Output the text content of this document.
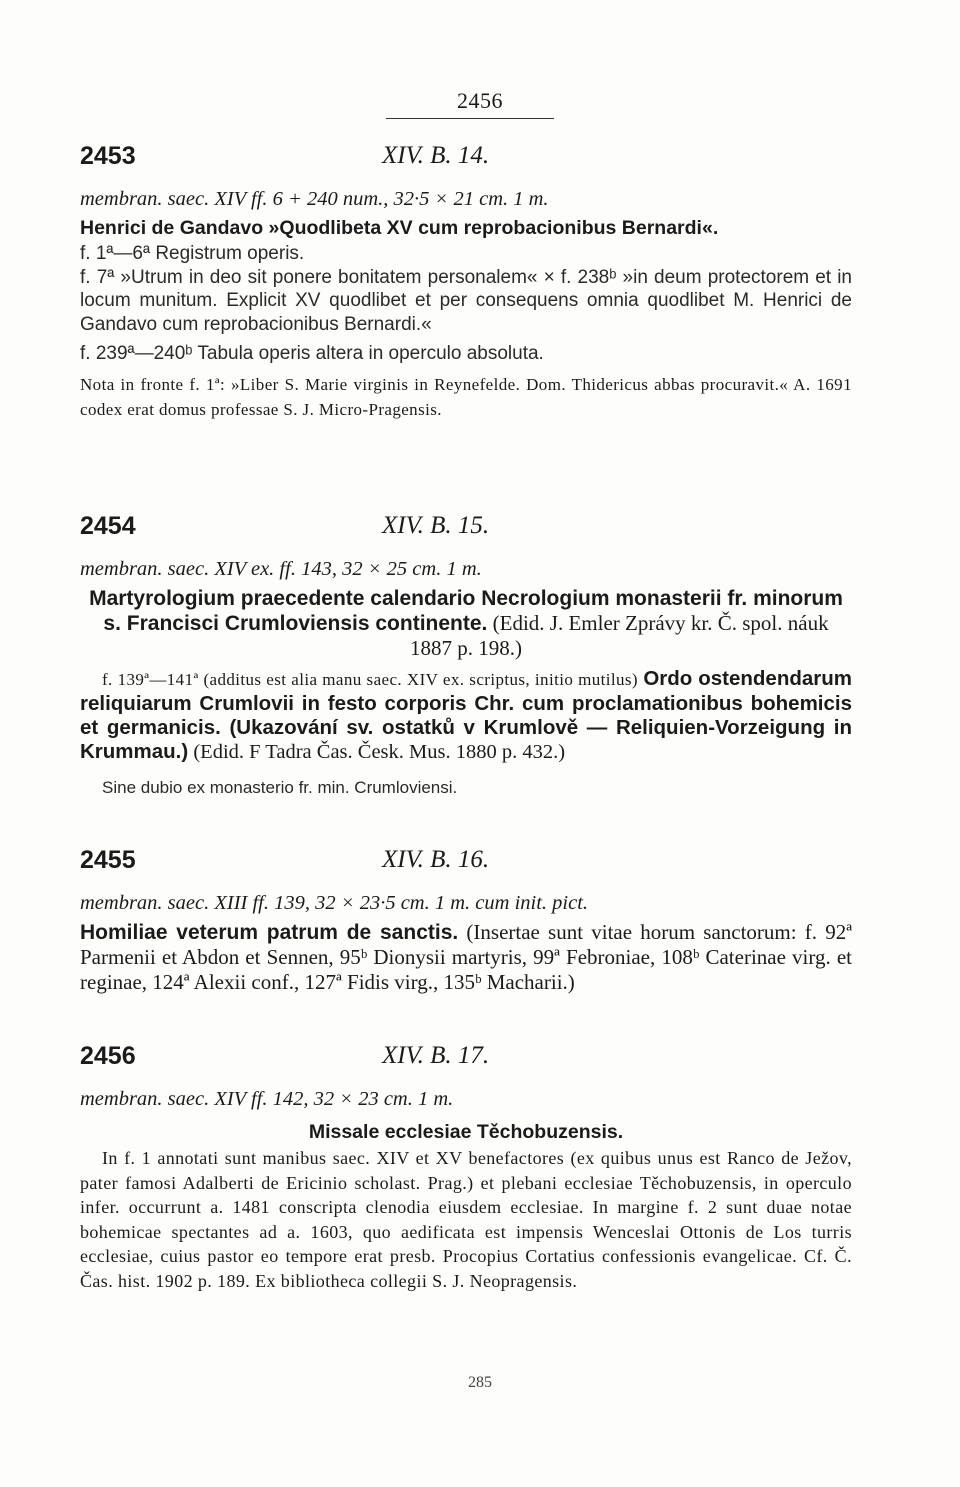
2456
2453	XIV. B. 14.

membran. saec. XIV ff. 6 + 240 num., 32·5 × 21 cm. 1 m.

Henrici de Gandavo »Quodlibeta XV cum reprobacionibus Bernardi«.

f. 1ª—6ª Registrum operis.

f. 7ª »Utrum in deo sit ponere bonitatem personalem« × f. 238ᵇ »in deum protectorem et in locum munitum. Explicit XV quodlibet et per consequens omnia quodlibet M. Henrici de Gandavo cum reprobacionibus Bernardi.«

f. 239ª—240ᵇ Tabula operis altera in operculo absoluta.

Nota in fronte f. 1ª: »Liber S. Marie virginis in Reynefelde. Dom. Thidericus abbas procuravit.« A. 1691 codex erat domus professae S. J. Micro-Pragensis.

2454	XIV. B. 15.

membran. saec. XIV ex. ff. 143, 32 × 25 cm. 1 m.

Martyrologium praecedente calendario Necrologium monasterii fr. minorum s. Francisci Crumloviensis continente. (Edid. J. Emler Zprávy kr. Č. spol. náuk 1887 p. 198.)

f. 139ª—141ª (additus est alia manu saec. XIV ex. scriptus, initio mutilus) Ordo ostendendarum reliquiarum Crumlovii in festo corporis Chr. cum proclamationibus bohemicis et germanicis. (Ukazování sv. ostatků v Krumlově — Reliquien-Vorzeigung in Krummau.) (Edid. F Tadra Čas. Česk. Mus. 1880 p. 432.)

Sine dubio ex monasterio fr. min. Crumloviensi.

2455	XIV. B. 16.

membran. saec. XIII ff. 139, 32 × 23·5 cm. 1 m. cum init. pict.

Homiliae veterum patrum de sanctis. (Insertae sunt vitae horum sanctorum: f. 92ª Parmenii et Abdon et Sennen, 95ᵇ Dionysii martyris, 99ª Febroniae, 108ᵇ Caterinae virg. et reginae, 124ª Alexii conf., 127ª Fidis virg., 135ᵇ Macharii.)

2456	XIV. B. 17.

membran. saec. XIV ff. 142, 32 × 23 cm. 1 m.

Missale ecclesiae Těchobuzensis.

In f. 1 annotati sunt manibus saec. XIV et XV benefactores (ex quibus unus est Ranco de Ježov, pater famosi Adalberti de Ericinio scholast. Prag.) et plebani ecclesiae Těchobuzensis, in operculo infer. occurrunt a. 1481 conscripta clenodia eiusdem ecclesiae. In margine f. 2 sunt duae notae bohemicae spectantes ad a. 1603, quo aedificata est impensis Wenceslai Ottonis de Los turris ecclesiae, cuius pastor eo tempore erat presb. Procopius Cortatius confessionis evangelicae. Cf. Č. Čas. hist. 1902 p. 189. Ex bibliotheca collegii S. J. Neopragensis.

285
